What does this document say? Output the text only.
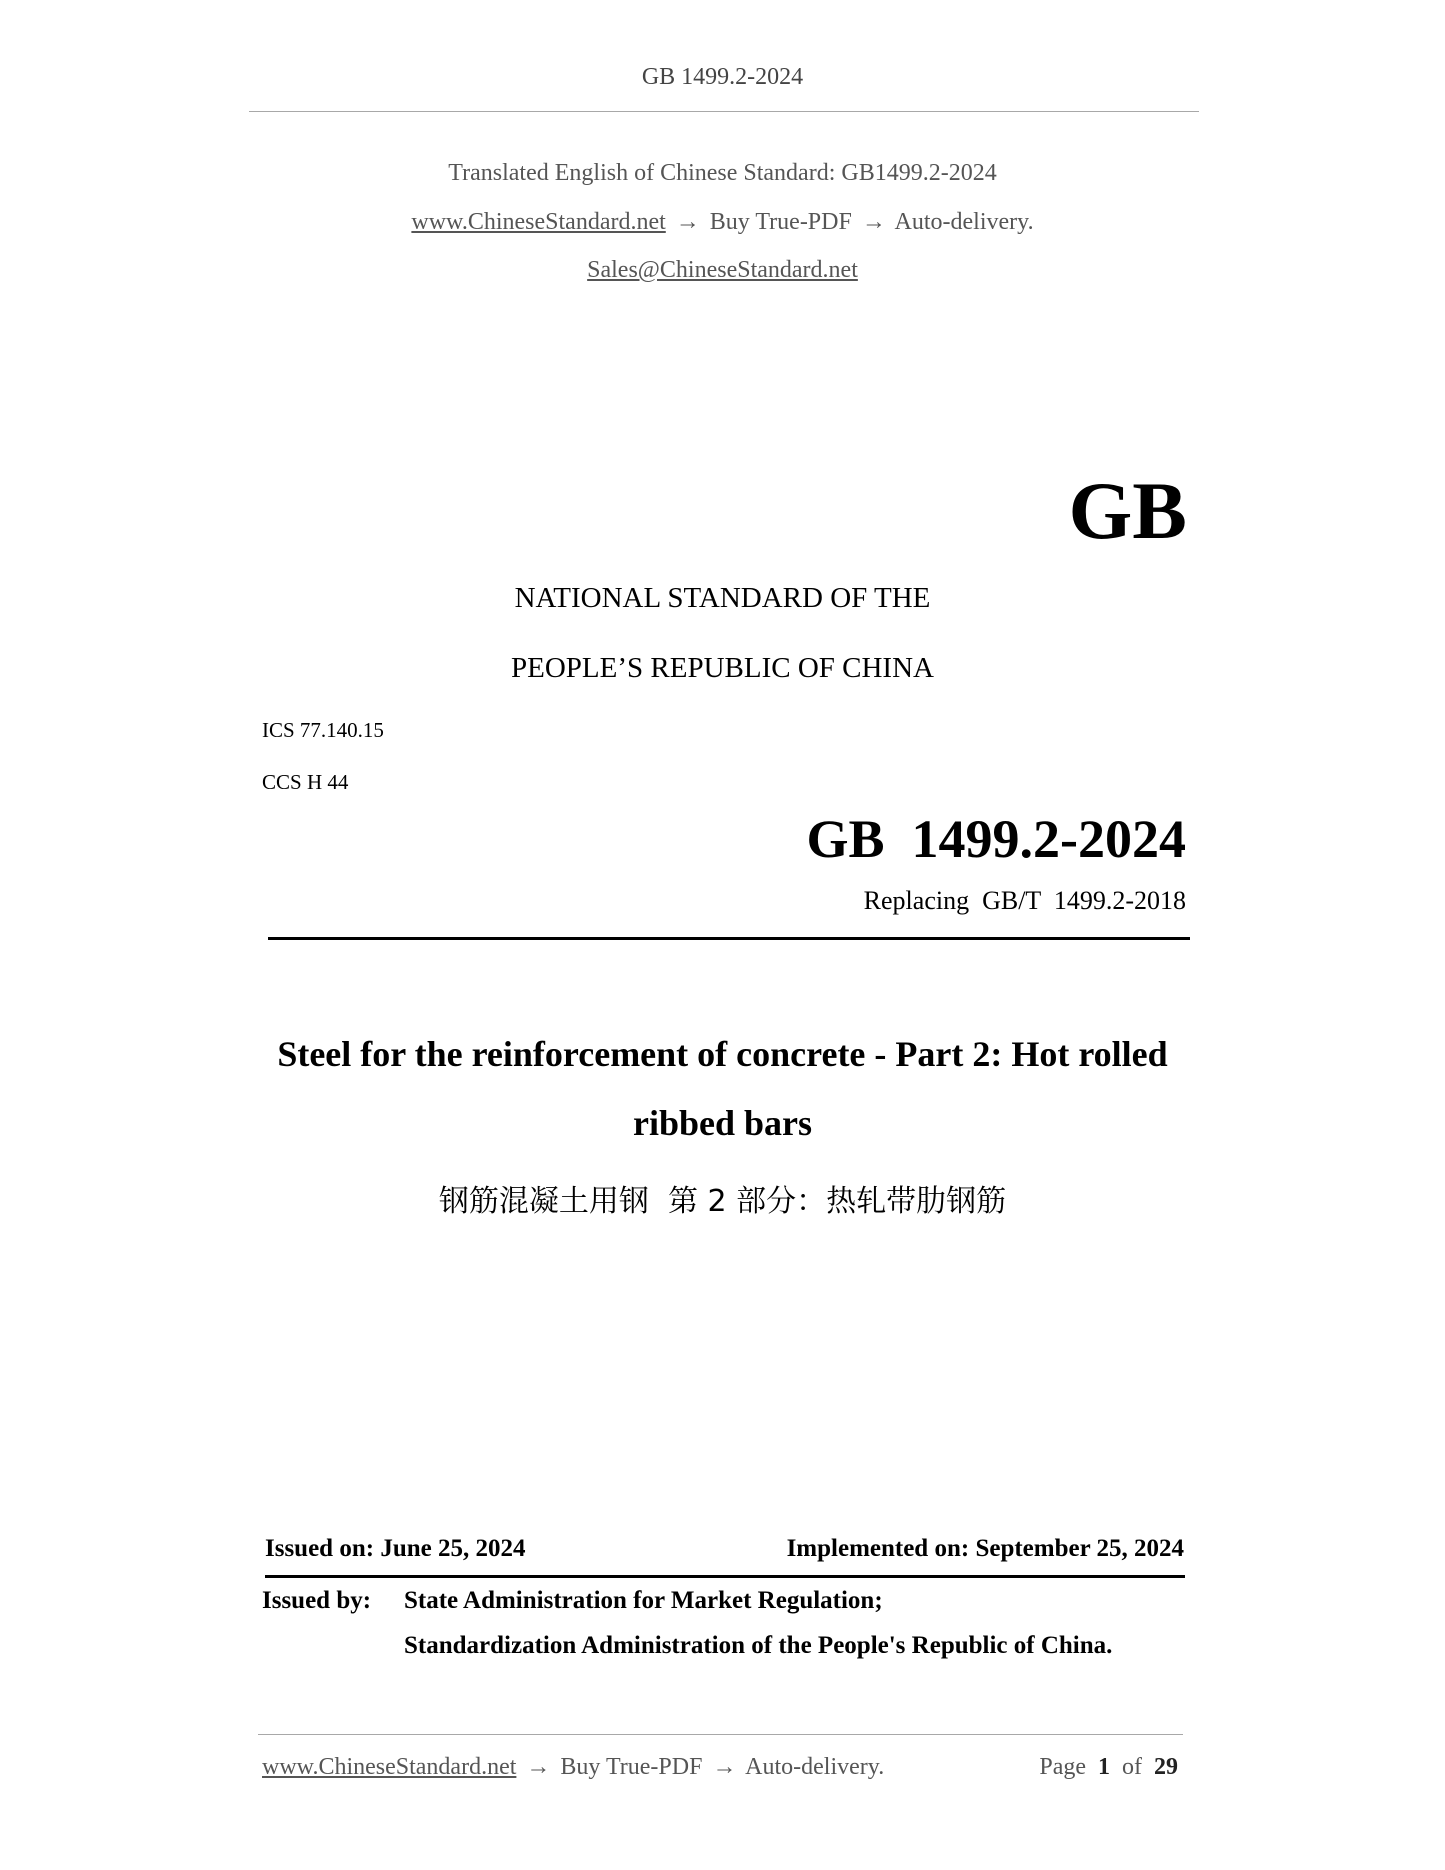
GB 1499.2-2024
Translated English of Chinese Standard: GB1499.2-2024
www.ChineseStandard.net → Buy True-PDF → Auto-delivery.
Sales@ChineseStandard.net
GB
NATIONAL STANDARD OF THE
PEOPLE’S REPUBLIC OF CHINA
ICS 77.140.15
CCS H 44
GB  1499.2-2024
Replacing  GB/T  1499.2-2018
Steel for the reinforcement of concrete - Part 2: Hot rolled
ribbed bars
钢筋混凝土用钢  第 2 部分：热轧带肋钢筋
Issued on: June 25, 2024	Implemented on: September 25, 2024
Issued by: State Administration for Market Regulation;
Standardization Administration of the People's Republic of China.
www.ChineseStandard.net → Buy True-PDF → Auto-delivery.	Page 1 of 29
